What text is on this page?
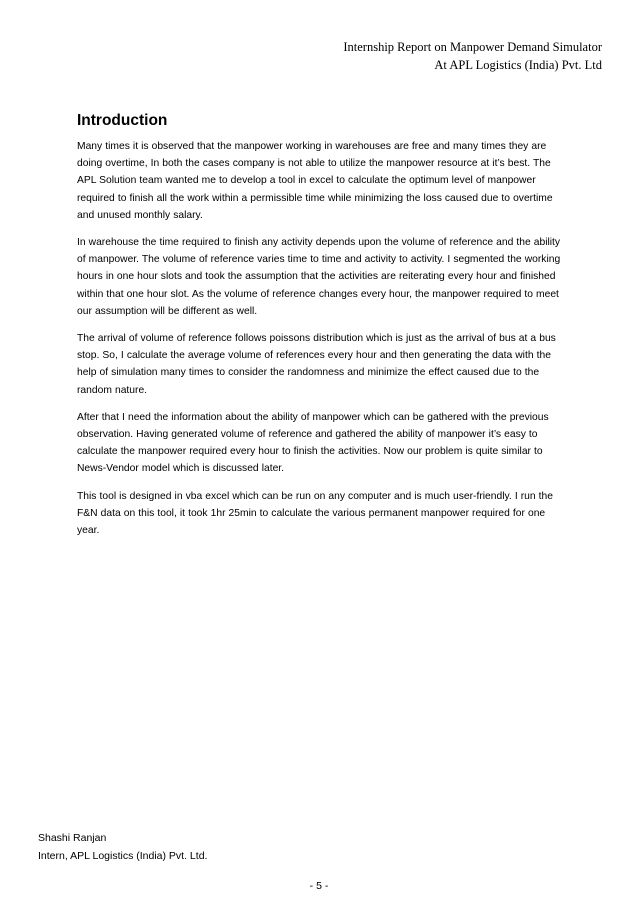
Internship Report on Manpower Demand Simulator
At APL Logistics (India) Pvt. Ltd
Introduction

Many times it is observed that the manpower working in warehouses are free and many times they are doing overtime, In both the cases company is not able to utilize the manpower resource at it’s best. The APL Solution team wanted me to develop a tool in excel to calculate the optimum level of manpower required to finish all the work within a permissible time while minimizing the loss caused due to overtime and unused monthly salary.

In warehouse the time required to finish any activity depends upon the volume of reference and the ability of manpower. The volume of reference varies time to time and activity to activity. I segmented the working hours in one hour slots and took the assumption that the activities are reiterating every hour and finished within that one hour slot. As the volume of reference changes every hour, the manpower required to meet our assumption will be different as well.

The arrival of volume of reference follows poissons distribution which is just as the arrival of bus at a bus stop. So, I calculate the average volume of references every hour and then generating the data with the help of simulation many times to consider the randomness and minimize the effect caused due to the random nature.

After that I need the information about the ability of manpower which can be gathered with the previous observation. Having generated volume of reference and gathered the ability of manpower it’s easy to calculate the manpower required every hour to finish the activities. Now our problem is quite similar to News-Vendor model which is discussed later.

This tool is designed in vba excel which can be run on any computer and is much user-friendly. I run the F&N data on this tool, it took 1hr 25min to calculate the various permanent manpower required for one year.

Shashi Ranjan
Intern, APL Logistics (India) Pvt. Ltd.
- 5 -
